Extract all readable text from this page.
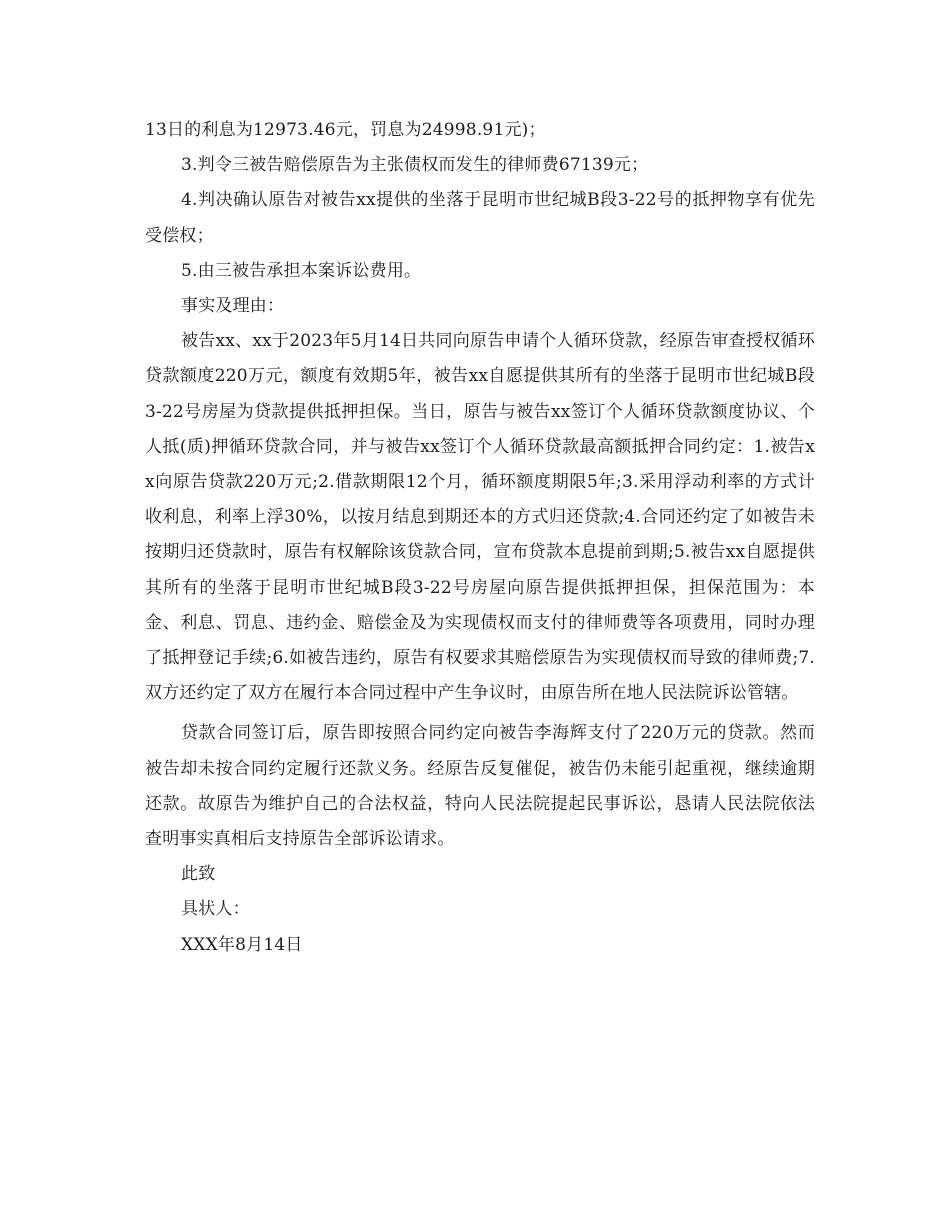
13日的利息为12973.46元，罚息为24998.91元)；

3.判令三被告赔偿原告为主张债权而发生的律师费67139元；

4.判决确认原告对被告xx提供的坐落于昆明市世纪城B段3-22号的抵押物享有优先受偿权；

5.由三被告承担本案诉讼费用。

事实及理由：

被告xx、xx于2023年5月14日共同向原告申请个人循环贷款，经原告审查授权循环贷款额度220万元，额度有效期5年，被告xx自愿提供其所有的坐落于昆明市世纪城B段3-22号房屋为贷款提供抵押担保。当日，原告与被告xx签订个人循环贷款额度协议、个人抵(质)押循环贷款合同，并与被告xx签订个人循环贷款最高额抵押合同约定：1.被告xx向原告贷款220万元;2.借款期限12个月，循环额度期限5年;3.采用浮动利率的方式计收利息，利率上浮30%，以按月结息到期还本的方式归还贷款;4.合同还约定了如被告未按期归还贷款时，原告有权解除该贷款合同，宣布贷款本息提前到期;5.被告xx自愿提供其所有的坐落于昆明市世纪城B段3-22号房屋向原告提供抵押担保，担保范围为：本金、利息、罚息、违约金、赔偿金及为实现债权而支付的律师费等各项费用，同时办理了抵押登记手续;6.如被告违约，原告有权要求其赔偿原告为实现债权而导致的律师费;7.双方还约定了双方在履行本合同过程中产生争议时，由原告所在地人民法院诉讼管辖。

贷款合同签订后，原告即按照合同约定向被告李海辉支付了220万元的贷款。然而被告却未按合同约定履行还款义务。经原告反复催促，被告仍未能引起重视，继续逾期还款。故原告为维护自己的合法权益，特向人民法院提起民事诉讼，恳请人民法院依法查明事实真相后支持原告全部诉讼请求。

此致

具状人：

XXX年8月14日
